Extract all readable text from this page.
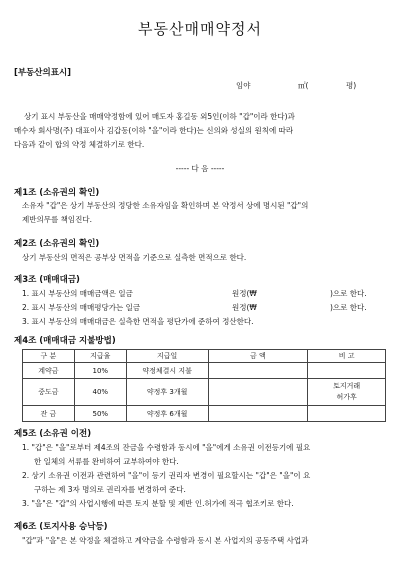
부동산매매약정서
[부동산의표시]
임야	㎡(	평)

상기 표시 부동산을 매매약정함에 있어 매도자 홍길동 외5인(이하 "갑"이라 한다)과

매수자 회사명(주) 대표이사 김갑동(이하 "을"이라 한다)는 신의와 성실의 원칙에 따라

다음과 같이 합의 약정 체결하기로 한다.

----- 다 음 -----
제1조 (소유권의 확인)
소유자 "갑"은 상기 부동산의 정당한 소유자임을 확인하며 본 약정서 상에 명시된 "갑"의
제반의무를 책임진다.
제2조 (소유권의 확인)
상기 부동산의 면적은 공부상 면적을 기준으로 실측한 면적으로 한다.
제3조 (매매대금)
1. 표시 부동산의 매매금액은 일금	원정(₩	)으로 한다.
2. 표시 부동산의 매매평당가는 일금	원정(₩	)으로 한다.
3. 표시 부동산의 매매대금은 실측한 면적을 평단가에 준하여 정산한다.
제4조 (매매대금 지불방법)
구 분	지급율	지급일	금 액	비 고
계약금	10%	약정체결시 지불		
중도금	40%	약정후 3개월		토지거래
허가후
잔 금	50%	약정후 6개월		
제5조 (소유권 이전)
1. "갑"은 "을"로부터 제4조의 잔금을 수령함과 동시에 "을"에게 소유권 이전등기에 필요
한 일체의 서류를 완비하여 교부하여야 한다.
2. 상기 소유권 이전과 관련하여 "을"이 등기 권리자 변경이 필요할시는 "갑"은 "을"이 요
구하는 제 3자 명의로 권리자를 변경하여 준다.
3. "을"은 "갑"의 사업시행에 따른 토지 분할 및 제반 인.허가에 적극 협조키로 한다.
제6조 (토지사용 승낙등)
"갑"과 "을"은 본 약정을 체결하고 계약금을 수령함과 동시 본 사업지의 공동주택 사업과
